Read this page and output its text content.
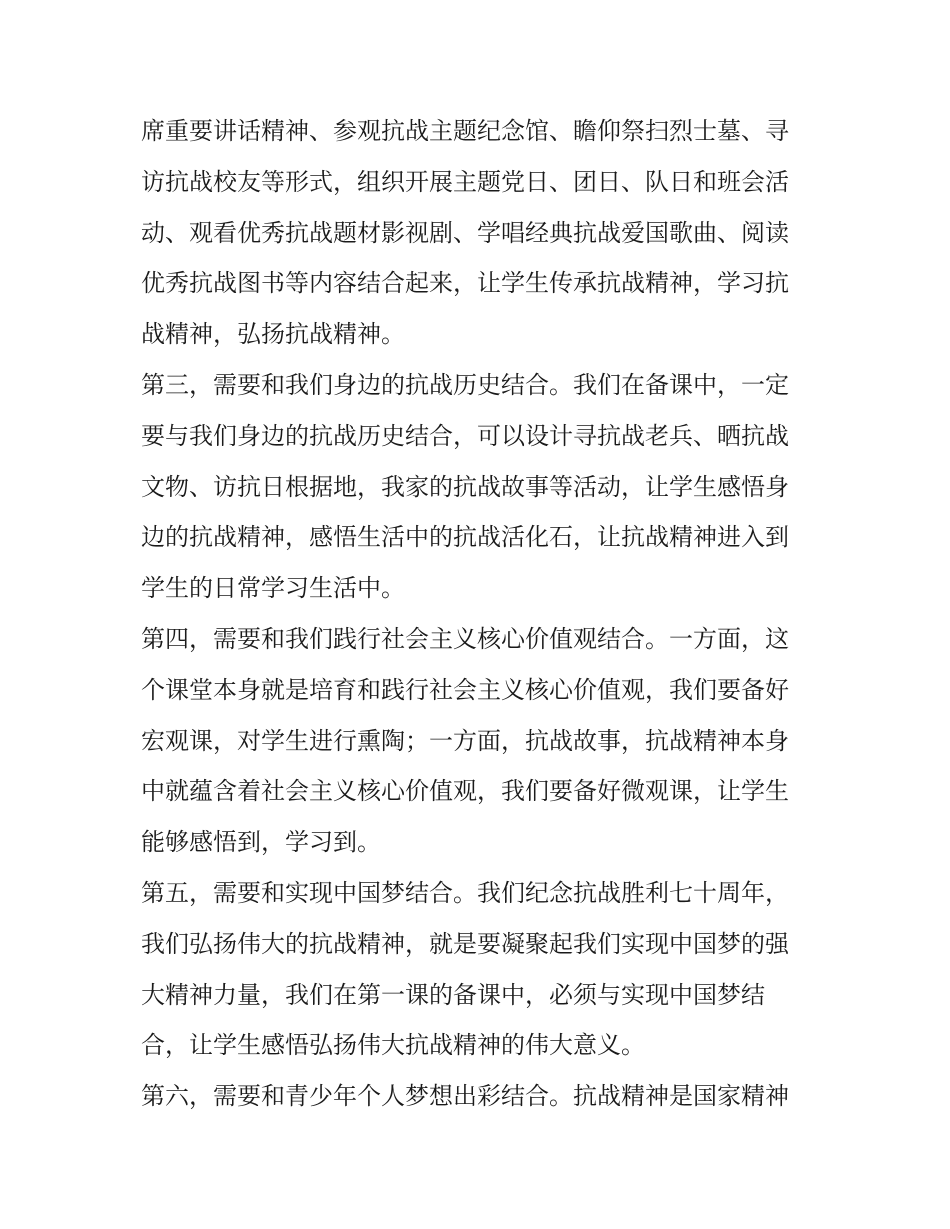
席重要讲话精神、参观抗战主题纪念馆、瞻仰祭扫烈士墓、寻
访抗战校友等形式，组织开展主题党日、团日、队日和班会活
动、观看优秀抗战题材影视剧、学唱经典抗战爱国歌曲、阅读
优秀抗战图书等内容结合起来，让学生传承抗战精神，学习抗
战精神，弘扬抗战精神。
第三，需要和我们身边的抗战历史结合。我们在备课中，一定
要与我们身边的抗战历史结合，可以设计寻抗战老兵、晒抗战
文物、访抗日根据地，我家的抗战故事等活动，让学生感悟身
边的抗战精神，感悟生活中的抗战活化石，让抗战精神进入到
学生的日常学习生活中。
第四，需要和我们践行社会主义核心价值观结合。一方面，这
个课堂本身就是培育和践行社会主义核心价值观，我们要备好
宏观课，对学生进行熏陶；一方面，抗战故事，抗战精神本身
中就蕴含着社会主义核心价值观，我们要备好微观课，让学生
能够感悟到，学习到。
第五，需要和实现中国梦结合。我们纪念抗战胜利七十周年，
我们弘扬伟大的抗战精神，就是要凝聚起我们实现中国梦的强
大精神力量，我们在第一课的备课中，必须与实现中国梦结
合，让学生感悟弘扬伟大抗战精神的伟大意义。
第六，需要和青少年个人梦想出彩结合。抗战精神是国家精神
